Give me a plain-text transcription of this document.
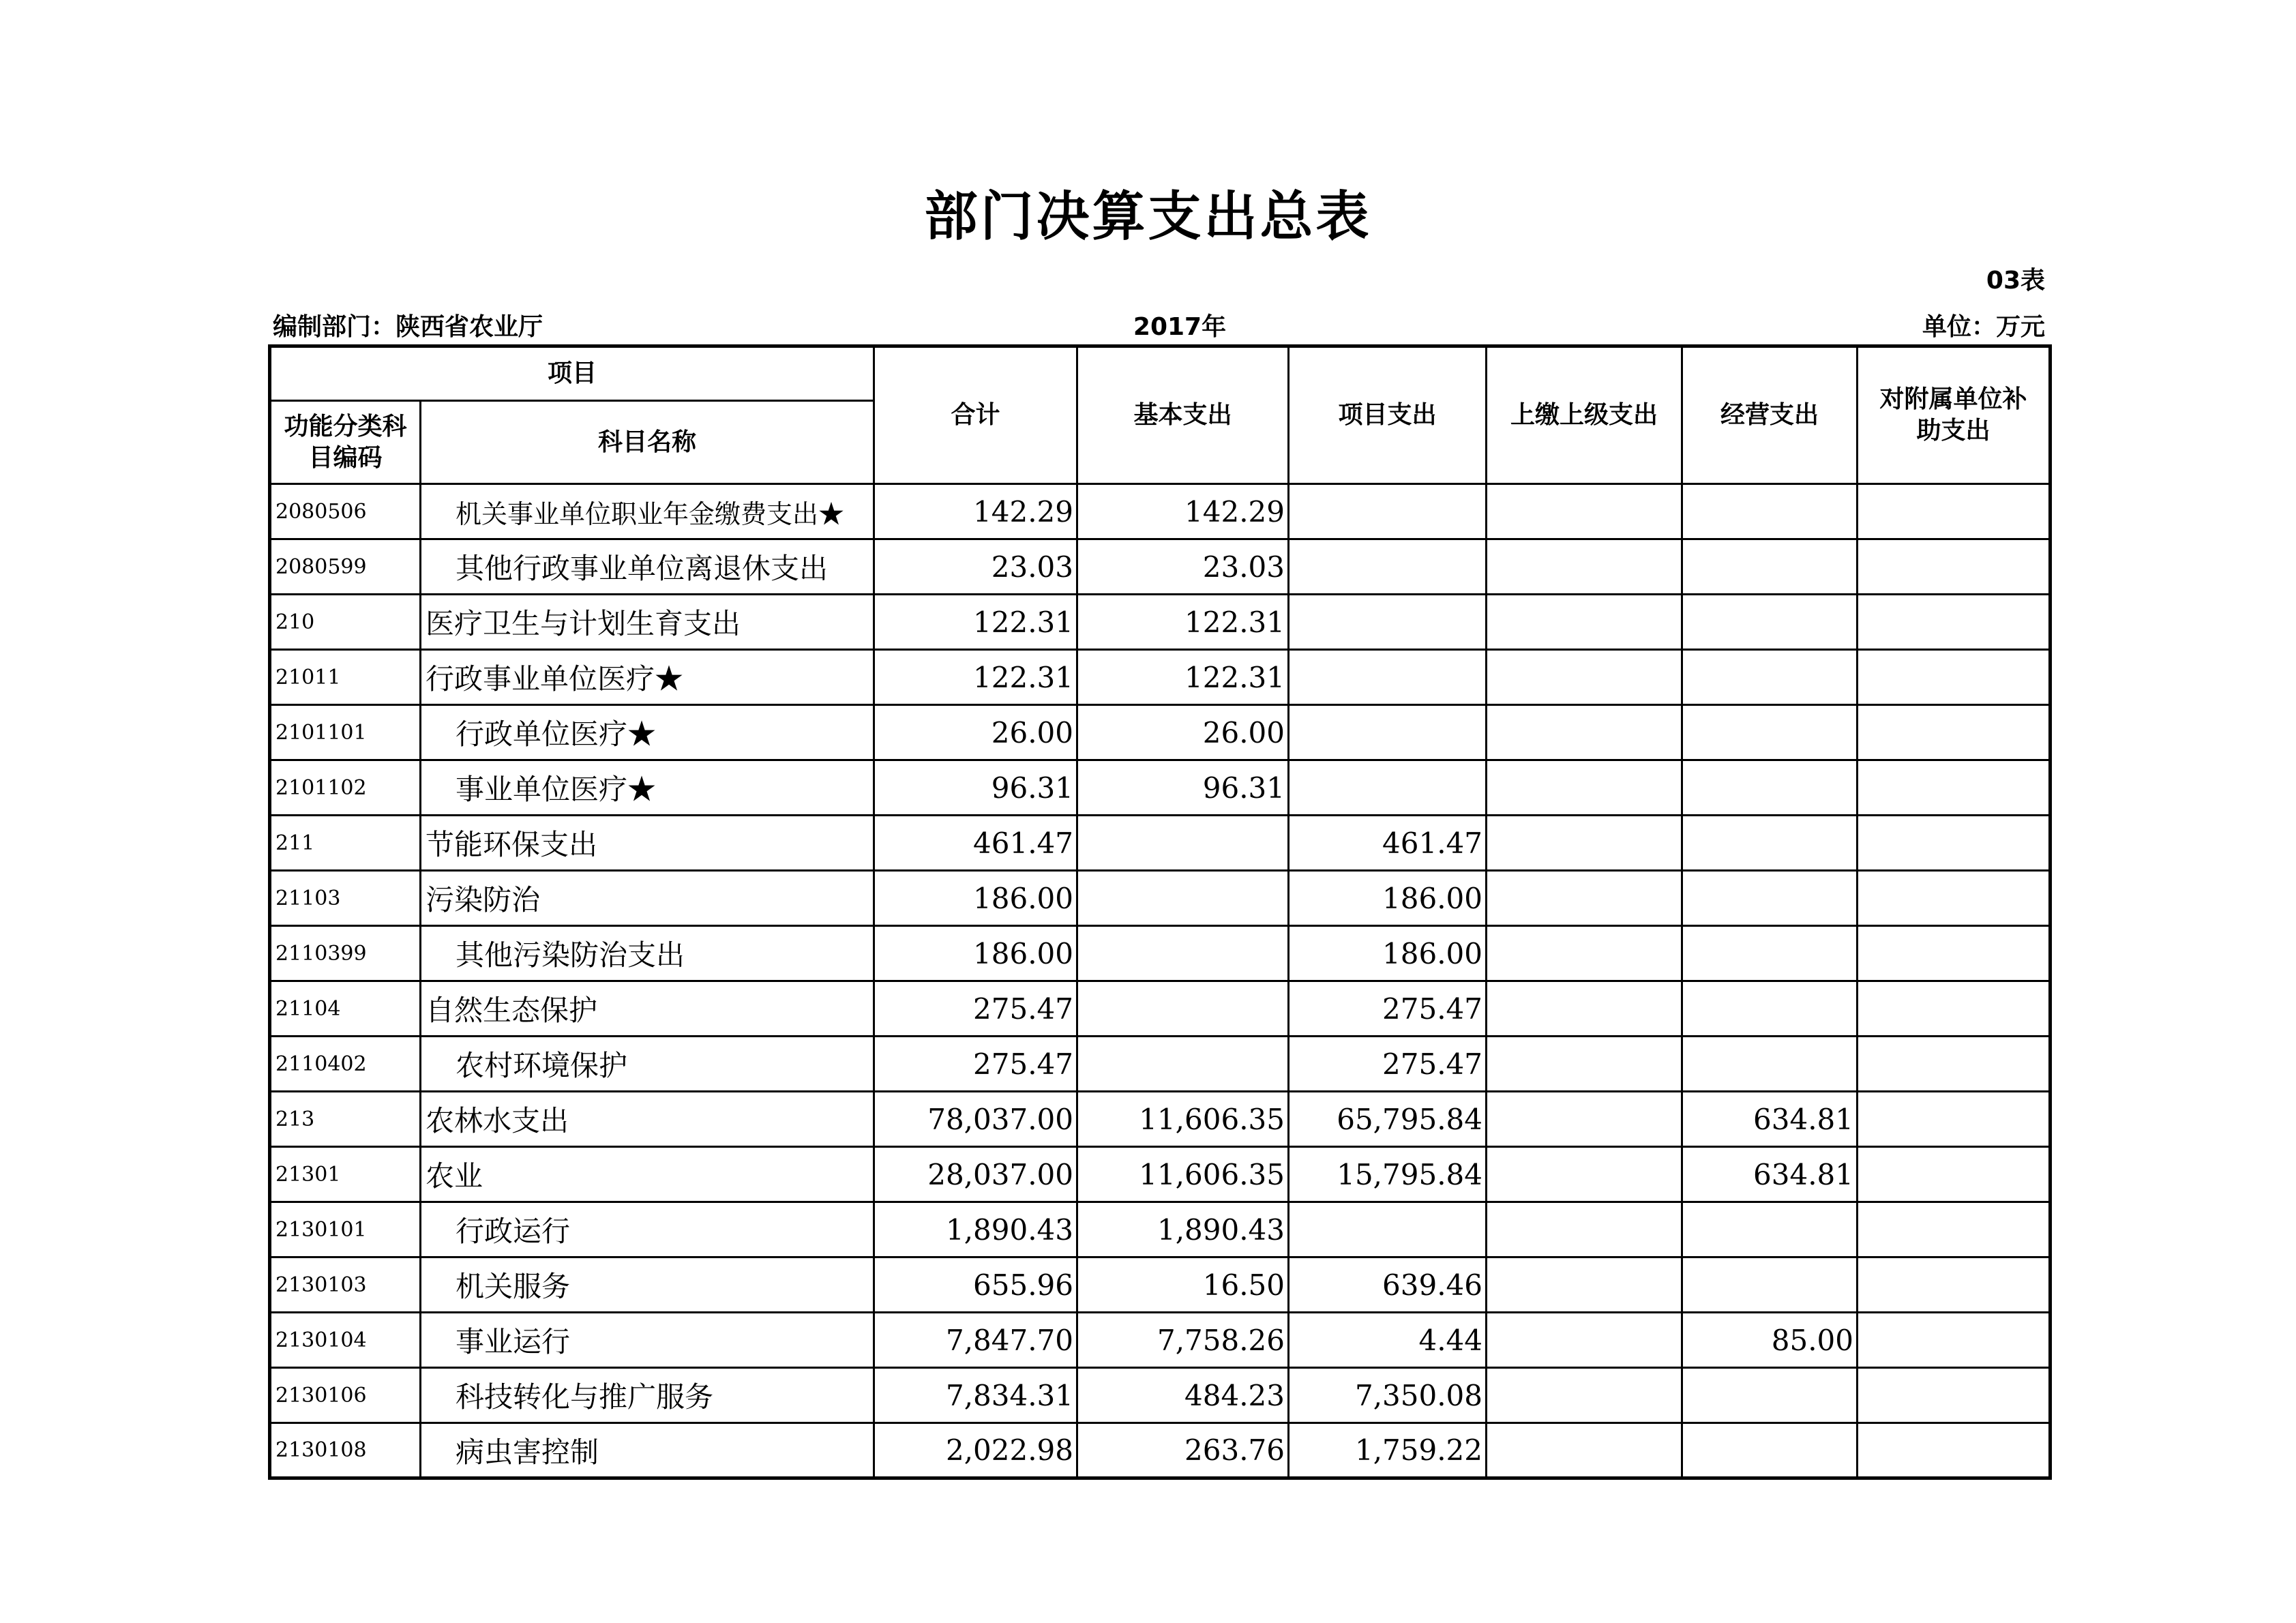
部门决算支出总表
03表
编制部门：陕西省农业厅	2017年	单位：万元
项目		合计	基本支出	项目支出	上缴上级支出	经营支出	对附属单位补助支出
功能分类科目编码	科目名称						
2080506	机关事业单位职业年金缴费支出★	142.29	142.29				
2080599	其他行政事业单位离退休支出	23.03	23.03				
210	医疗卫生与计划生育支出	122.31	122.31				
21011	行政事业单位医疗★	122.31	122.31				
2101101	行政单位医疗★	26.00	26.00				
2101102	事业单位医疗★	96.31	96.31				
211	节能环保支出	461.47		461.47			
21103	污染防治	186.00		186.00			
2110399	其他污染防治支出	186.00		186.00			
21104	自然生态保护	275.47		275.47			
2110402	农村环境保护	275.47		275.47			
213	农林水支出	78,037.00	11,606.35	65,795.84		634.81	
21301	农业	28,037.00	11,606.35	15,795.84		634.81	
2130101	行政运行	1,890.43	1,890.43				
2130103	机关服务	655.96	16.50	639.46			
2130104	事业运行	7,847.70	7,758.26	4.44		85.00	
2130106	科技转化与推广服务	7,834.31	484.23	7,350.08			
2130108	病虫害控制	2,022.98	263.76	1,759.22			
